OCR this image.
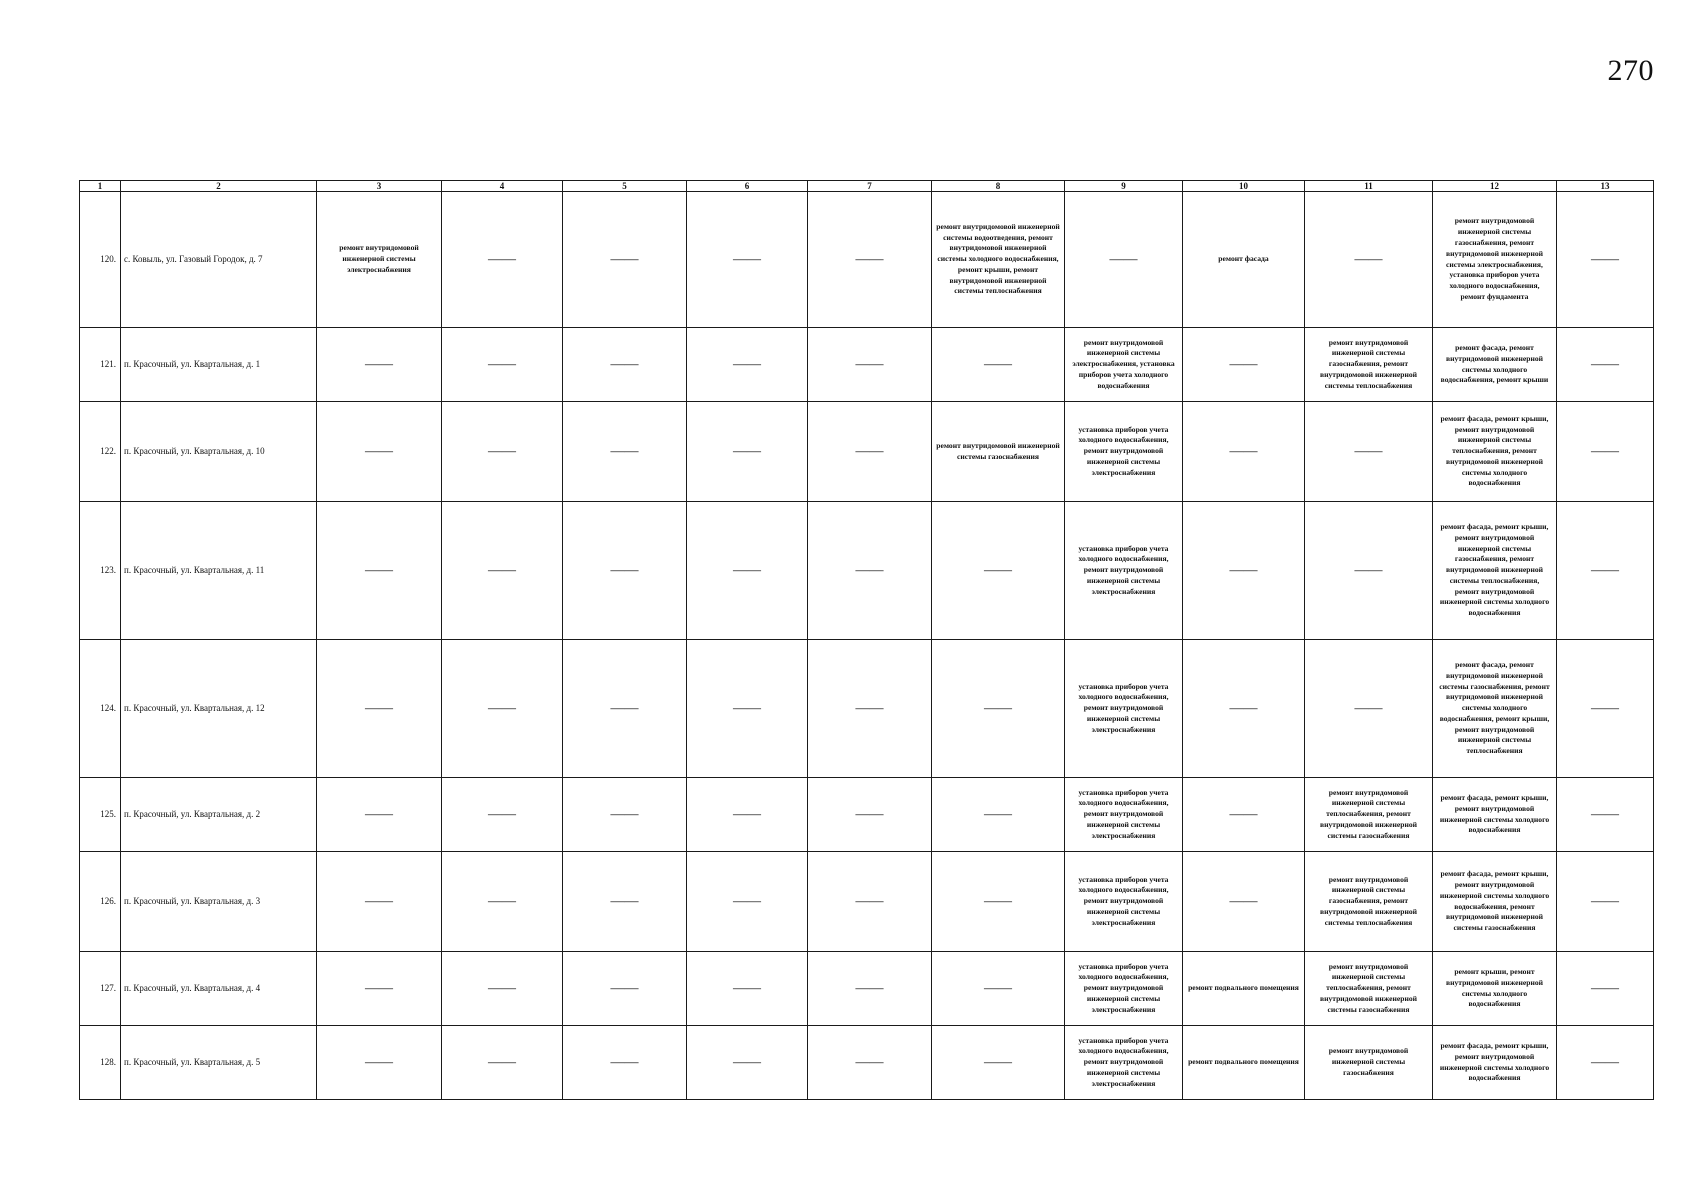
270
1	2	3	4	5	6	7	8	9	10	11	12	13
120.	с. Ковыль, ул. Газовый Городок, д. 7	ремонт внутридомовой инженерной системы электроснабжения	——	——	——	——	ремонт внутридомовой инженерной системы водоотведения, ремонт внутридомовой инженерной системы холодного водоснабжения, ремонт крыши, ремонт внутридомовой инженерной системы теплоснабжения	——	ремонт фасада	——	ремонт внутридомовой инженерной системы газоснабжения, ремонт внутридомовой инженерной системы электроснабжения, установка приборов учета холодного водоснабжения, ремонт фундамента	——
121.	п. Красочный, ул. Квартальная, д. 1	——	——	——	——	——	——	ремонт внутридомовой инженерной системы электроснабжения, установка приборов учета холодного водоснабжения	——	ремонт внутридомовой инженерной системы газоснабжения, ремонт внутридомовой инженерной системы теплоснабжения	ремонт фасада, ремонт внутридомовой инженерной системы холодного водоснабжения, ремонт крыши	——
122.	п. Красочный, ул. Квартальная, д. 10	——	——	——	——	——	ремонт внутридомовой инженерной системы газоснабжения	установка приборов учета холодного водоснабжения, ремонт внутридомовой инженерной системы электроснабжения	——	——	ремонт фасада, ремонт крыши, ремонт внутридомовой инженерной системы теплоснабжения, ремонт внутридомовой инженерной системы холодного водоснабжения	——
123.	п. Красочный, ул. Квартальная, д. 11	——	——	——	——	——	——	установка приборов учета холодного водоснабжения, ремонт внутридомовой инженерной системы электроснабжения	——	——	ремонт фасада, ремонт крыши, ремонт внутридомовой инженерной системы газоснабжения, ремонт внутридомовой инженерной системы теплоснабжения, ремонт внутридомовой инженерной системы холодного водоснабжения	——
124.	п. Красочный, ул. Квартальная, д. 12	——	——	——	——	——	——	установка приборов учета холодного водоснабжения, ремонт внутридомовой инженерной системы электроснабжения	——	——	ремонт фасада, ремонт внутридомовой инженерной системы газоснабжения, ремонт внутридомовой инженерной системы холодного водоснабжения, ремонт крыши, ремонт внутридомовой инженерной системы теплоснабжения	——
125.	п. Красочный, ул. Квартальная, д. 2	——	——	——	——	——	——	установка приборов учета холодного водоснабжения, ремонт внутридомовой инженерной системы электроснабжения	——	ремонт внутридомовой инженерной системы теплоснабжения, ремонт внутридомовой инженерной системы газоснабжения	ремонт фасада, ремонт крыши, ремонт внутридомовой инженерной системы холодного водоснабжения	——
126.	п. Красочный, ул. Квартальная, д. 3	——	——	——	——	——	——	установка приборов учета холодного водоснабжения, ремонт внутридомовой инженерной системы электроснабжения	——	ремонт внутридомовой инженерной системы газоснабжения, ремонт внутридомовой инженерной системы теплоснабжения	ремонт фасада, ремонт крыши, ремонт внутридомовой инженерной системы холодного водоснабжения, ремонт внутридомовой инженерной системы газоснабжения	——
127.	п. Красочный, ул. Квартальная, д. 4	——	——	——	——	——	——	установка приборов учета холодного водоснабжения, ремонт внутридомовой инженерной системы электроснабжения	ремонт подвального помещения	ремонт внутридомовой инженерной системы теплоснабжения, ремонт внутридомовой инженерной системы газоснабжения	ремонт крыши, ремонт внутридомовой инженерной системы холодного водоснабжения	——
128.	п. Красочный, ул. Квартальная, д. 5	——	——	——	——	——	——	установка приборов учета холодного водоснабжения, ремонт внутридомовой инженерной системы электроснабжения	ремонт подвального помещения	ремонт внутридомовой инженерной системы газоснабжения	ремонт фасада, ремонт крыши, ремонт внутридомовой инженерной системы холодного водоснабжения	——
